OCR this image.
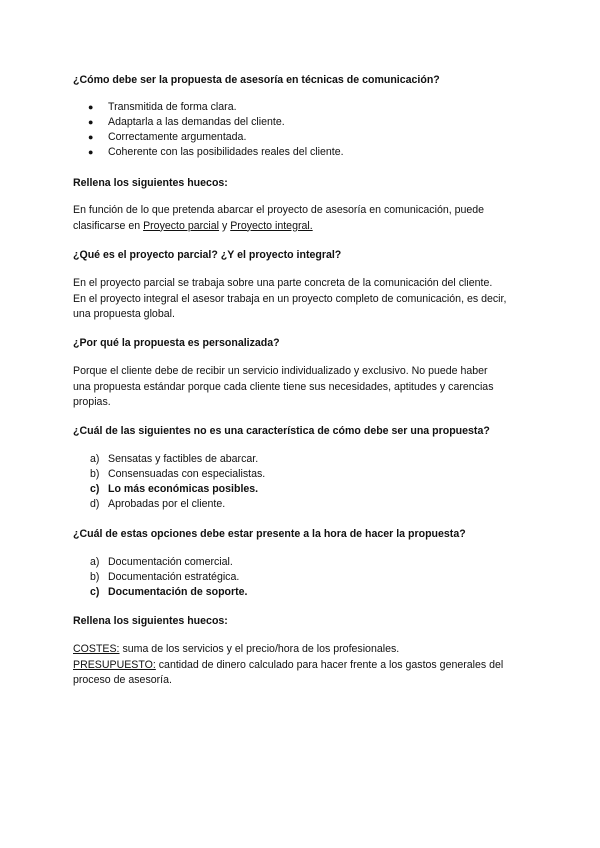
¿Cómo debe ser la propuesta de asesoría en técnicas de comunicación?
● Transmitida de forma clara.
● Adaptarla a las demandas del cliente.
● Correctamente argumentada.
● Coherente con las posibilidades reales del cliente.
Rellena los siguientes huecos:
En función de lo que pretenda abarcar el proyecto de asesoría en comunicación, puede
clasificarse en Proyecto parcial y Proyecto integral.
¿Qué es el proyecto parcial? ¿Y el proyecto integral?
En el proyecto parcial se trabaja sobre una parte concreta de la comunicación del cliente.
En el proyecto integral el asesor trabaja en un proyecto completo de comunicación, es decir,
una propuesta global.
¿Por qué la propuesta es personalizada?
Porque el cliente debe de recibir un servicio individualizado y exclusivo. No puede haber
una propuesta estándar porque cada cliente tiene sus necesidades, aptitudes y carencias
propias.
¿Cuál de las siguientes no es una característica de cómo debe ser una propuesta?
a) Sensatas y factibles de abarcar.
b) Consensuadas con especialistas.
c) Lo más económicas posibles.
d) Aprobadas por el cliente.
¿Cuál de estas opciones debe estar presente a la hora de hacer la propuesta?
a) Documentación comercial.
b) Documentación estratégica.
c) Documentación de soporte.
Rellena los siguientes huecos:
COSTES: suma de los servicios y el precio/hora de los profesionales.
PRESUPUESTO: cantidad de dinero calculado para hacer frente a los gastos generales del
proceso de asesoría.
